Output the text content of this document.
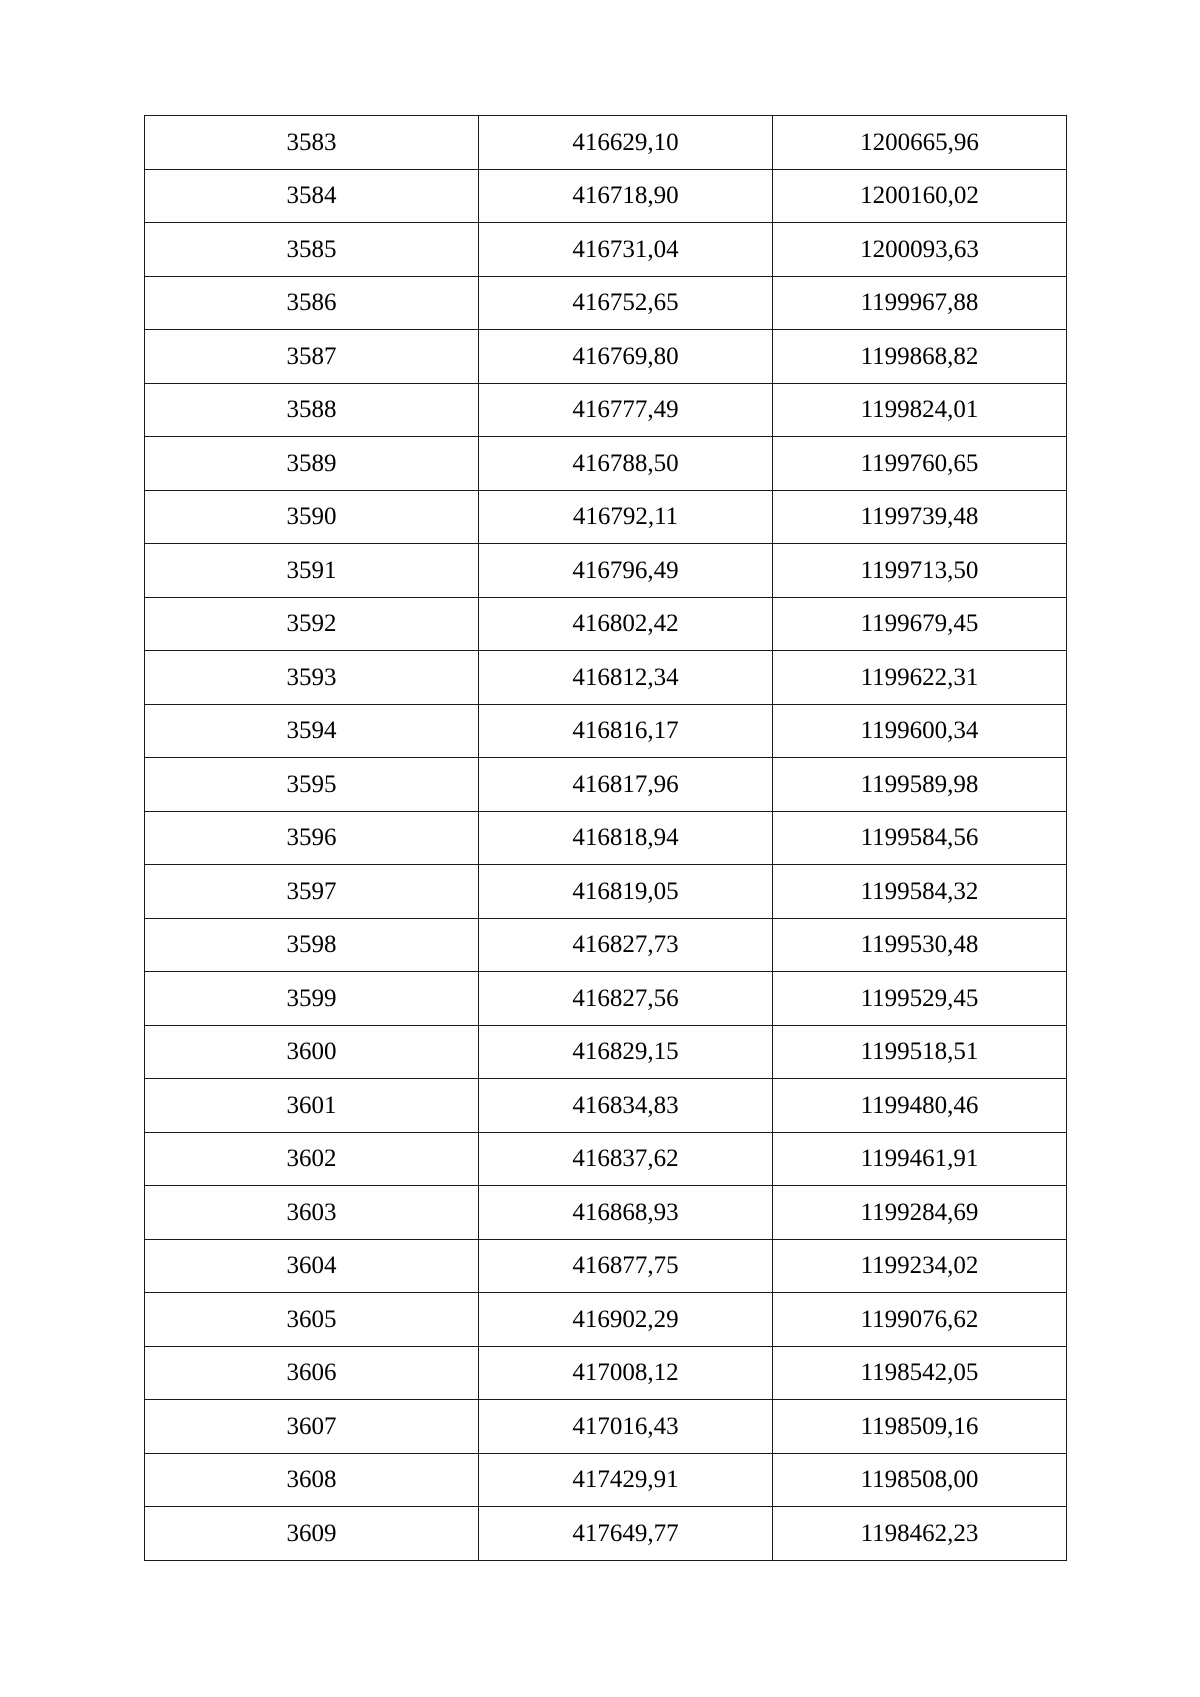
3583	416629,10	1200665,96
3584	416718,90	1200160,02
3585	416731,04	1200093,63
3586	416752,65	1199967,88
3587	416769,80	1199868,82
3588	416777,49	1199824,01
3589	416788,50	1199760,65
3590	416792,11	1199739,48
3591	416796,49	1199713,50
3592	416802,42	1199679,45
3593	416812,34	1199622,31
3594	416816,17	1199600,34
3595	416817,96	1199589,98
3596	416818,94	1199584,56
3597	416819,05	1199584,32
3598	416827,73	1199530,48
3599	416827,56	1199529,45
3600	416829,15	1199518,51
3601	416834,83	1199480,46
3602	416837,62	1199461,91
3603	416868,93	1199284,69
3604	416877,75	1199234,02
3605	416902,29	1199076,62
3606	417008,12	1198542,05
3607	417016,43	1198509,16
3608	417429,91	1198508,00
3609	417649,77	1198462,23
